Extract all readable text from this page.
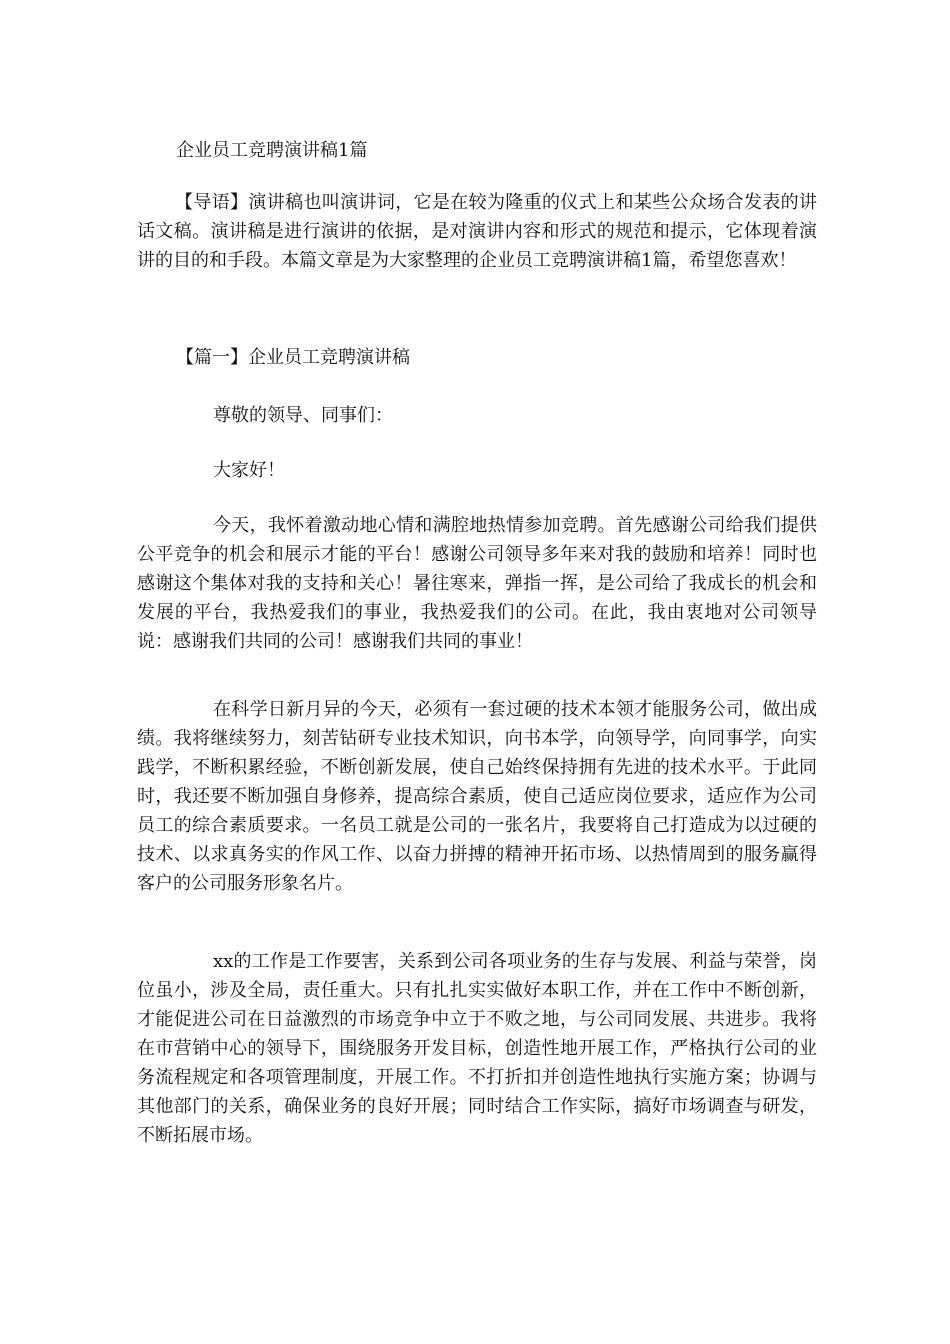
企业员工竞聘演讲稿1篇

【导语】演讲稿也叫演讲词，它是在较为隆重的仪式上和某些公众场合发表的讲话文稿。演讲稿是进行演讲的依据，是对演讲内容和形式的规范和提示，它体现着演讲的目的和手段。本篇文章是为大家整理的企业员工竞聘演讲稿1篇，希望您喜欢！

【篇一】企业员工竞聘演讲稿
尊敬的领导、同事们：
大家好！

今天，我怀着激动地心情和满腔地热情参加竞聘。首先感谢公司给我们提供公平竞争的机会和展示才能的平台！感谢公司领导多年来对我的鼓励和培养！同时也感谢这个集体对我的支持和关心！暑往寒来，弹指一挥，是公司给了我成长的机会和发展的平台，我热爱我们的事业，我热爱我们的公司。在此，我由衷地对公司领导说：感谢我们共同的公司！感谢我们共同的事业！

在科学日新月异的今天，必须有一套过硬的技术本领才能服务公司，做出成绩。我将继续努力，刻苦钻研专业技术知识，向书本学，向领导学，向同事学，向实践学，不断积累经验，不断创新发展，使自己始终保持拥有先进的技术水平。于此同时，我还要不断加强自身修养，提高综合素质，使自己适应岗位要求，适应作为公司员工的综合素质要求。一名员工就是公司的一张名片，我要将自己打造成为以过硬的技术、以求真务实的作风工作、以奋力拼搏的精神开拓市场、以热情周到的服务赢得客户的公司服务形象名片。

xx的工作是工作要害，关系到公司各项业务的生存与发展、利益与荣誉，岗位虽小，涉及全局，责任重大。只有扎扎实实做好本职工作，并在工作中不断创新，才能促进公司在日益激烈的市场竞争中立于不败之地，与公司同发展、共进步。我将在市营销中心的领导下，围绕服务开发目标，创造性地开展工作，严格执行公司的业务流程规定和各项管理制度，开展工作。不打折扣并创造性地执行实施方案；协调与其他部门的关系，确保业务的良好开展；同时结合工作实际，搞好市场调查与研发，不断拓展市场。
